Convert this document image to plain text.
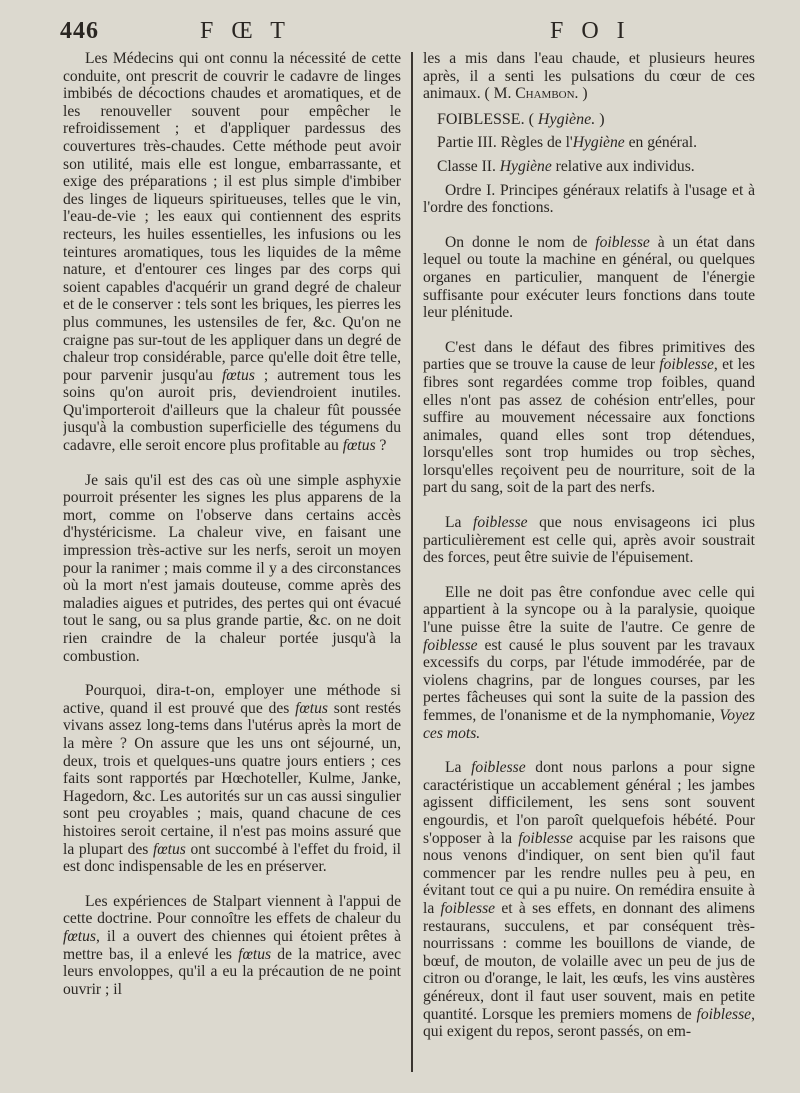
446	F Œ T	F O I

Les Médecins qui ont connu la nécessité de cette conduite, ont prescrit de couvrir le cadavre de linges imbibés de décoctions chaudes et aromatiques, et de les renouveller souvent pour empêcher le refroidissement ; et d'appliquer pardessus des couvertures très-chaudes. Cette méthode peut avoir son utilité, mais elle est longue, embarrassante, et exige des préparations ; il est plus simple d'imbiber des linges de liqueurs spiritueuses, telles que le vin, l'eau-de-vie ; les eaux qui contiennent des esprits recteurs, les huiles essentielles, les infusions ou les teintures aromatiques, tous les liquides de la même nature, et d'entourer ces linges par des corps qui soient capables d'acquérir un grand degré de chaleur et de le conserver : tels sont les briques, les pierres les plus communes, les ustensiles de fer, &c. Qu'on ne craigne pas sur-tout de les appliquer dans un degré de chaleur trop considérable, parce qu'elle doit être telle, pour parvenir jusqu'au fœtus ; autrement tous les soins qu'on auroit pris, deviendroient inutiles. Qu'importeroit d'ailleurs que la chaleur fût poussée jusqu'à la combustion superficielle des tégumens du cadavre, elle seroit encore plus profitable au fœtus ?

Je sais qu'il est des cas où une simple asphyxie pourroit présenter les signes les plus apparens de la mort, comme on l'observe dans certains accès d'hystéricisme. La chaleur vive, en faisant une impression très-active sur les nerfs, seroit un moyen pour la ranimer ; mais comme il y a des circonstances où la mort n'est jamais douteuse, comme après des maladies aigues et putrides, des pertes qui ont évacué tout le sang, ou sa plus grande partie, &c. on ne doit rien craindre de la chaleur portée jusqu'à la combustion.

Pourquoi, dira-t-on, employer une méthode si active, quand il est prouvé que des fœtus sont restés vivans assez long-tems dans l'utérus après la mort de la mère ? On assure que les uns ont séjourné, un, deux, trois et quelques-uns quatre jours entiers ; ces faits sont rapportés par Hœchoteller, Kulme, Janke, Hagedorn, &c. Les autorités sur un cas aussi singulier sont peu croyables ; mais, quand chacune de ces histoires seroit certaine, il n'est pas moins assuré que la plupart des fœtus ont succombé à l'effet du froid, il est donc indispensable de les en préserver.

Les expériences de Stalpart viennent à l'appui de cette doctrine. Pour connoître les effets de chaleur du fœtus, il a ouvert des chiennes qui étoient prêtes à mettre bas, il a enlevé les fœtus de la matrice, avec leurs envoloppes, qu'il a eu la précaution de ne point ouvrir ; il

les a mis dans l'eau chaude, et plusieurs heures après, il a senti les pulsations du cœur de ces animaux. ( M. Chambon. )

FOIBLESSE. ( Hygiène. )
Partie III. Règles de l'Hygiène en général.
Classe II. Hygiène relative aux individus.

Ordre I. Principes généraux relatifs à l'usage et à l'ordre des fonctions.

On donne le nom de foiblesse à un état dans lequel ou toute la machine en général, ou quelques organes en particulier, manquent de l'énergie suffisante pour exécuter leurs fonctions dans toute leur plénitude.

C'est dans le défaut des fibres primitives des parties que se trouve la cause de leur foiblesse, et les fibres sont regardées comme trop foibles, quand elles n'ont pas assez de cohésion entr'elles, pour suffire au mouvement nécessaire aux fonctions animales, quand elles sont trop détendues, lorsqu'elles sont trop humides ou trop sèches, lorsqu'elles reçoivent peu de nourriture, soit de la part du sang, soit de la part des nerfs.

La foiblesse que nous envisageons ici plus particulièrement est celle qui, après avoir soustrait des forces, peut être suivie de l'épuisement.

Elle ne doit pas être confondue avec celle qui appartient à la syncope ou à la paralysie, quoique l'une puisse être la suite de l'autre. Ce genre de foiblesse est causé le plus souvent par les travaux excessifs du corps, par l'étude immodérée, par de violens chagrins, par de longues courses, par les pertes fâcheuses qui sont la suite de la passion des femmes, de l'onanisme et de la nymphomanie, Voyez ces mots.

La foiblesse dont nous parlons a pour signe caractéristique un accablement général ; les jambes agissent difficilement, les sens sont souvent engourdis, et l'on paroît quelquefois hébété. Pour s'opposer à la foiblesse acquise par les raisons que nous venons d'indiquer, on sent bien qu'il faut commencer par les rendre nulles peu à peu, en évitant tout ce qui a pu nuire. On remédira ensuite à la foiblesse et à ses effets, en donnant des alimens restaurans, succulens, et par conséquent très-nourrissans : comme les bouillons de viande, de bœuf, de mouton, de volaille avec un peu de jus de citron ou d'orange, le lait, les œufs, les vins austères généreux, dont il faut user souvent, mais en petite quantité. Lorsque les premiers momens de foiblesse, qui exigent du repos, seront passés, on em-
